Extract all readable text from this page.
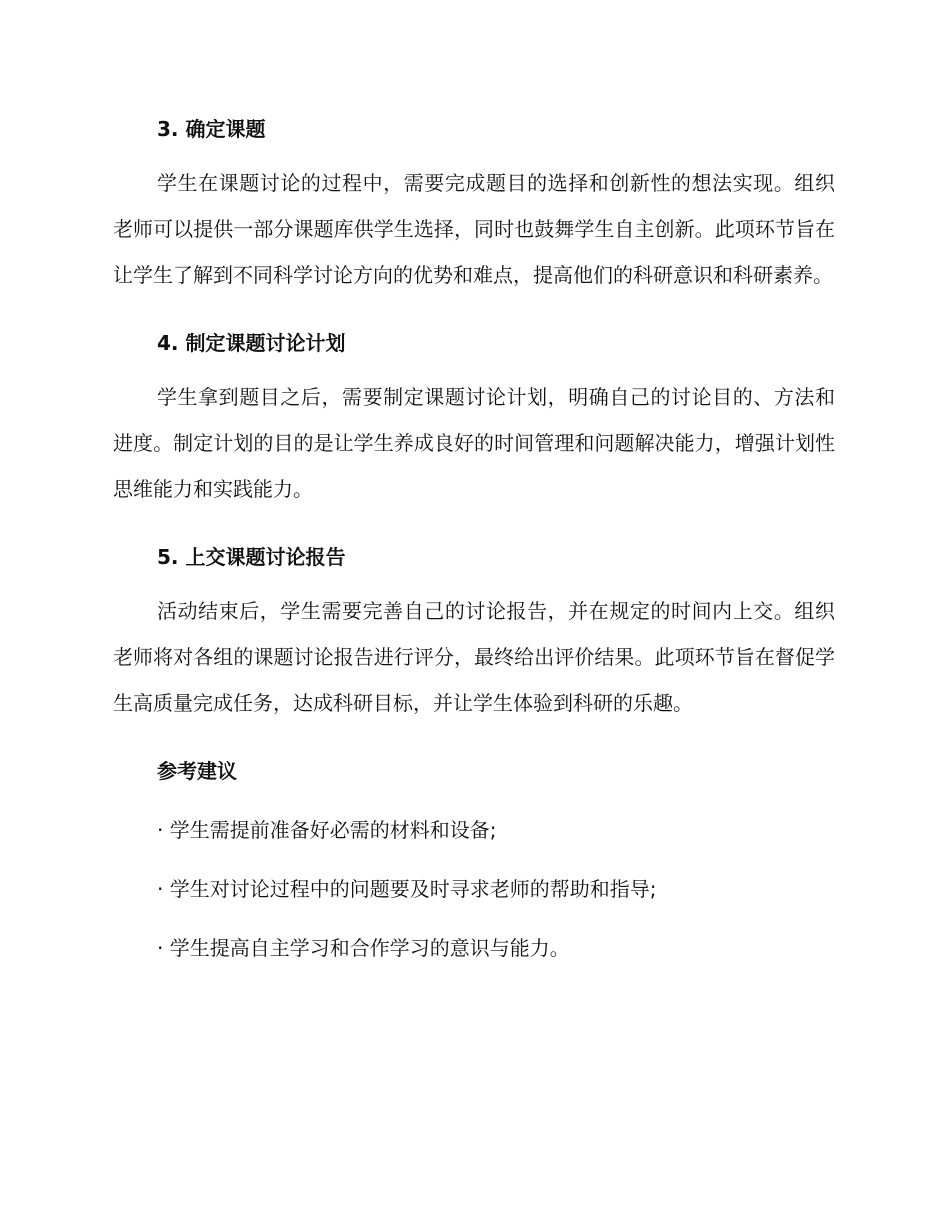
3. 确定课题

学生在课题讨论的过程中，需要完成题目的选择和创新性的想法实现。组织老师可以提供一部分课题库供学生选择，同时也鼓舞学生自主创新。此项环节旨在让学生了解到不同科学讨论方向的优势和难点，提高他们的科研意识和科研素养。

4. 制定课题讨论计划

学生拿到题目之后，需要制定课题讨论计划，明确自己的讨论目的、方法和进度。制定计划的目的是让学生养成良好的时间管理和问题解决能力，增强计划性思维能力和实践能力。

5. 上交课题讨论报告

活动结束后，学生需要完善自己的讨论报告，并在规定的时间内上交。组织老师将对各组的课题讨论报告进行评分，最终给出评价结果。此项环节旨在督促学生高质量完成任务，达成科研目标，并让学生体验到科研的乐趣。

参考建议

· 学生需提前准备好必需的材料和设备;

· 学生对讨论过程中的问题要及时寻求老师的帮助和指导;

· 学生提高自主学习和合作学习的意识与能力。
